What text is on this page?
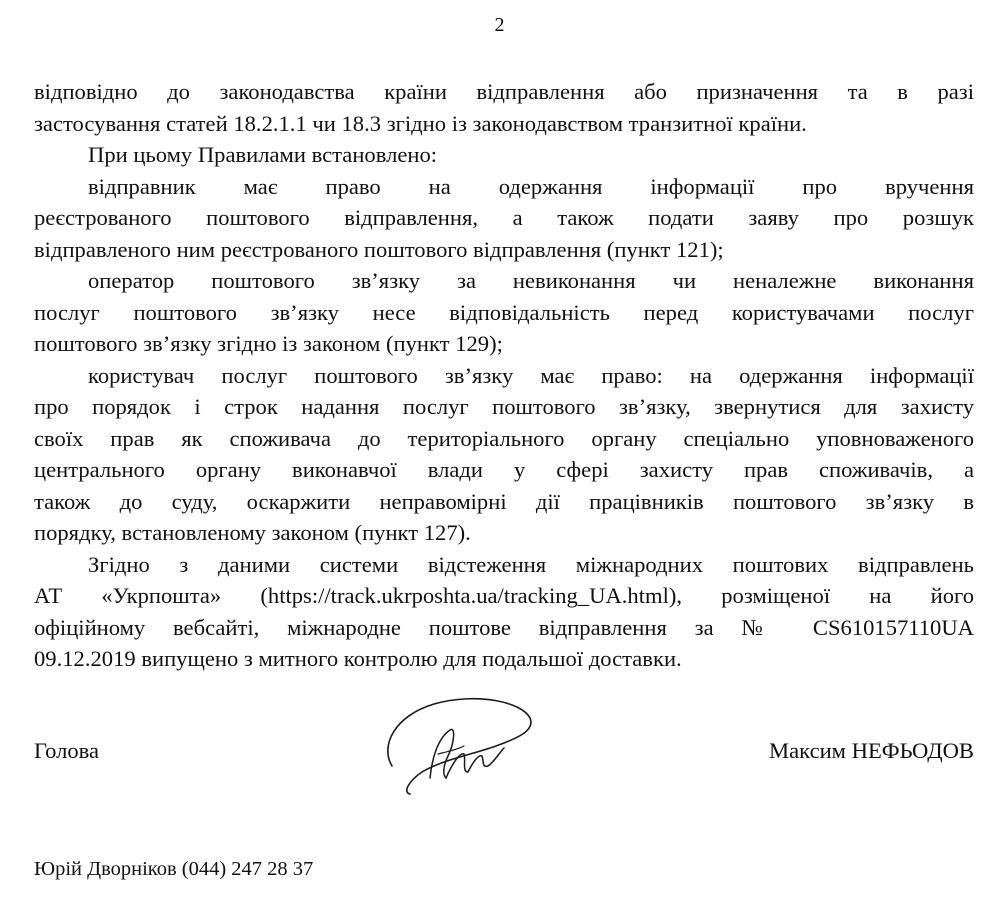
2
відповідно до законодавства країни відправлення або призначення та в разі
застосування статей 18.2.1.1 чи 18.3 згідно із законодавством транзитної країни.
При цьому Правилами встановлено:
відправник має право на одержання інформації про вручення
реєстрованого поштового відправлення, а також подати заяву про розшук
відправленого ним реєстрованого поштового відправлення (пункт 121);
оператор поштового зв’язку за невиконання чи неналежне виконання
послуг поштового зв’язку несе відповідальність перед користувачами послуг
поштового зв’язку згідно із законом (пункт 129);
користувач послуг поштового зв’язку має право: на одержання інформації
про порядок і строк надання послуг поштового зв’язку, звернутися для захисту
своїх прав як споживача до територіального органу спеціально уповноваженого
центрального органу виконавчої влади у сфері захисту прав споживачів, а
також до суду, оскаржити неправомірні дії працівників поштового зв’язку в
порядку, встановленому законом (пункт 127).
Згідно з даними системи відстеження міжнародних поштових відправлень
АТ «Укрпошта» (https://track.ukrposhta.ua/tracking_UA.html), розміщеної на його
офіційному вебсайті, міжнародне поштове відправлення за № CS610157110UA
09.12.2019 випущено з митного контролю для подальшої доставки.
Голова	Максим НЕФЬОДОВ
Юрій Дворніков (044) 247 28 37
